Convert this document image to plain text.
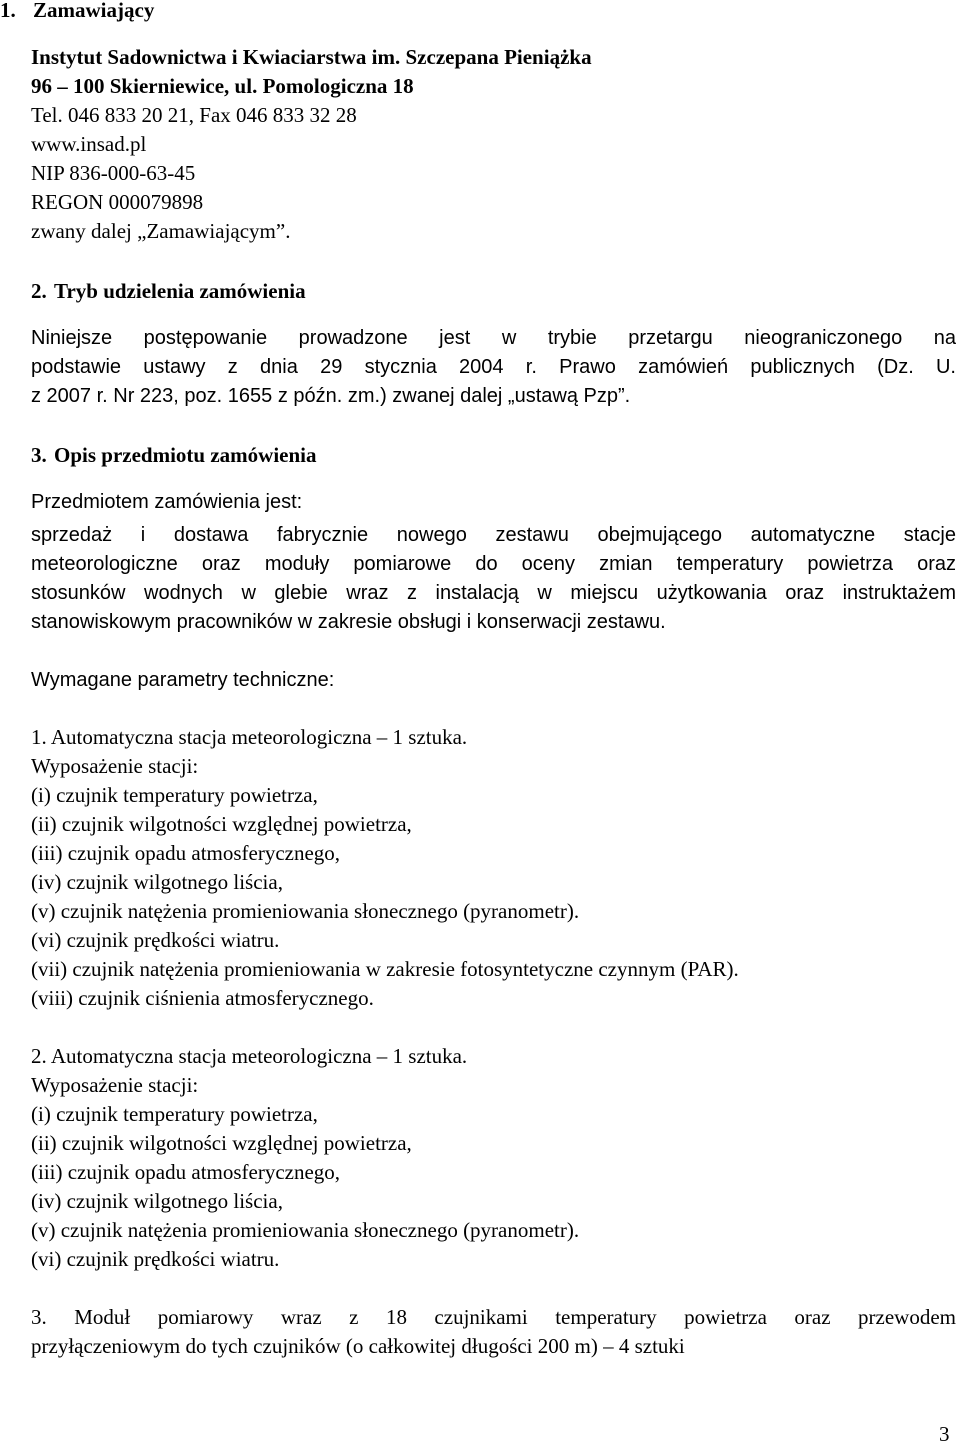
1. Zamawiający
Instytut Sadownictwa i Kwiaciarstwa im. Szczepana Pieniążka
96 – 100 Skierniewice, ul. Pomologiczna 18
Tel. 046 833 20 21, Fax 046 833 32 28
www.insad.pl
NIP 836-000-63-45
REGON 000079898
zwany dalej „Zamawiającym”.
2. Tryb udzielenia zamówienia
Niniejsze postępowanie prowadzone jest w trybie przetargu nieograniczonego na
podstawie ustawy z dnia 29 stycznia 2004 r. Prawo zamówień publicznych (Dz. U.
z 2007 r. Nr 223, poz. 1655 z późn. zm.) zwanej dalej „ustawą Pzp”.
3. Opis przedmiotu zamówienia
Przedmiotem zamówienia jest:
sprzedaż i dostawa fabrycznie nowego zestawu obejmującego automatyczne stacje
meteorologiczne oraz moduły pomiarowe do oceny zmian temperatury powietrza oraz
stosunków wodnych w glebie wraz z instalacją w miejscu użytkowania oraz instruktażem
stanowiskowym pracowników w zakresie obsługi i konserwacji zestawu.
Wymagane parametry techniczne:
1. Automatyczna stacja meteorologiczna – 1 sztuka.
Wyposażenie stacji:
(i) czujnik temperatury powietrza,
(ii) czujnik wilgotności względnej powietrza,
(iii) czujnik opadu atmosferycznego,
(iv) czujnik wilgotnego liścia,
(v) czujnik natężenia promieniowania słonecznego (pyranometr).
(vi) czujnik prędkości wiatru.
(vii) czujnik natężenia promieniowania w zakresie fotosyntetyczne czynnym (PAR).
(viii) czujnik ciśnienia atmosferycznego.
2. Automatyczna stacja meteorologiczna – 1 sztuka.
Wyposażenie stacji:
(i) czujnik temperatury powietrza,
(ii) czujnik wilgotności względnej powietrza,
(iii) czujnik opadu atmosferycznego,
(iv) czujnik wilgotnego liścia,
(v) czujnik natężenia promieniowania słonecznego (pyranometr).
(vi) czujnik prędkości wiatru.
3. Moduł pomiarowy wraz z 18 czujnikami temperatury powietrza oraz przewodem
przyłączeniowym do tych czujników (o całkowitej długości 200 m) – 4 sztuki
3
